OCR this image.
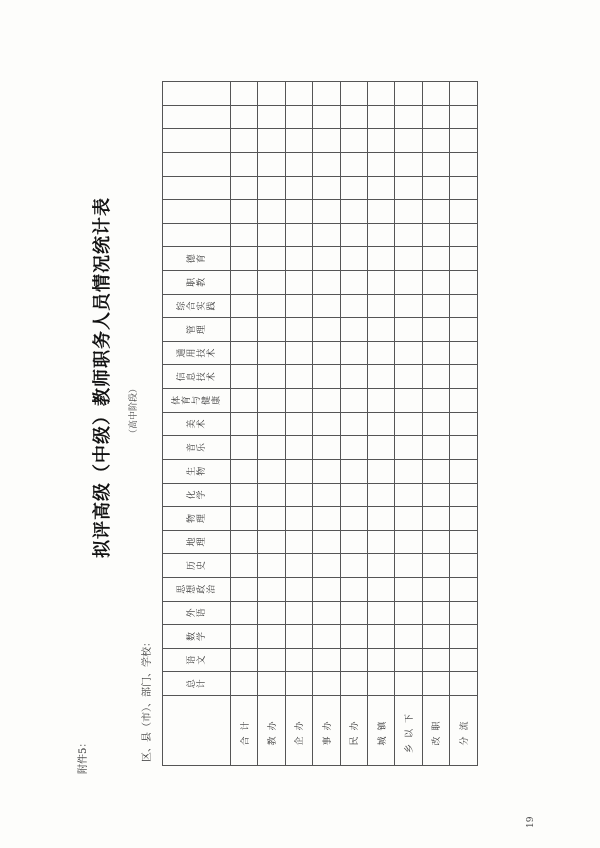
附件5：
拟评高级（中级）教师职务人员情况统计表	（高中阶段）
区、县（市）、部门、学校：
19

	总 计	语 文	数 学	外 语	思 想 政 治	历 史	地 理	物 理	化 学	生 物	音 乐	美 术	体 育 与 健 康	信 息 技 术	通 用 技 术	管 理	综 合 实 践	职 教	德 育							

合计																										
教办																										
企办																										
事办																										
民办																										
城镇																										
乡以下																										
改职																										
分流																										
